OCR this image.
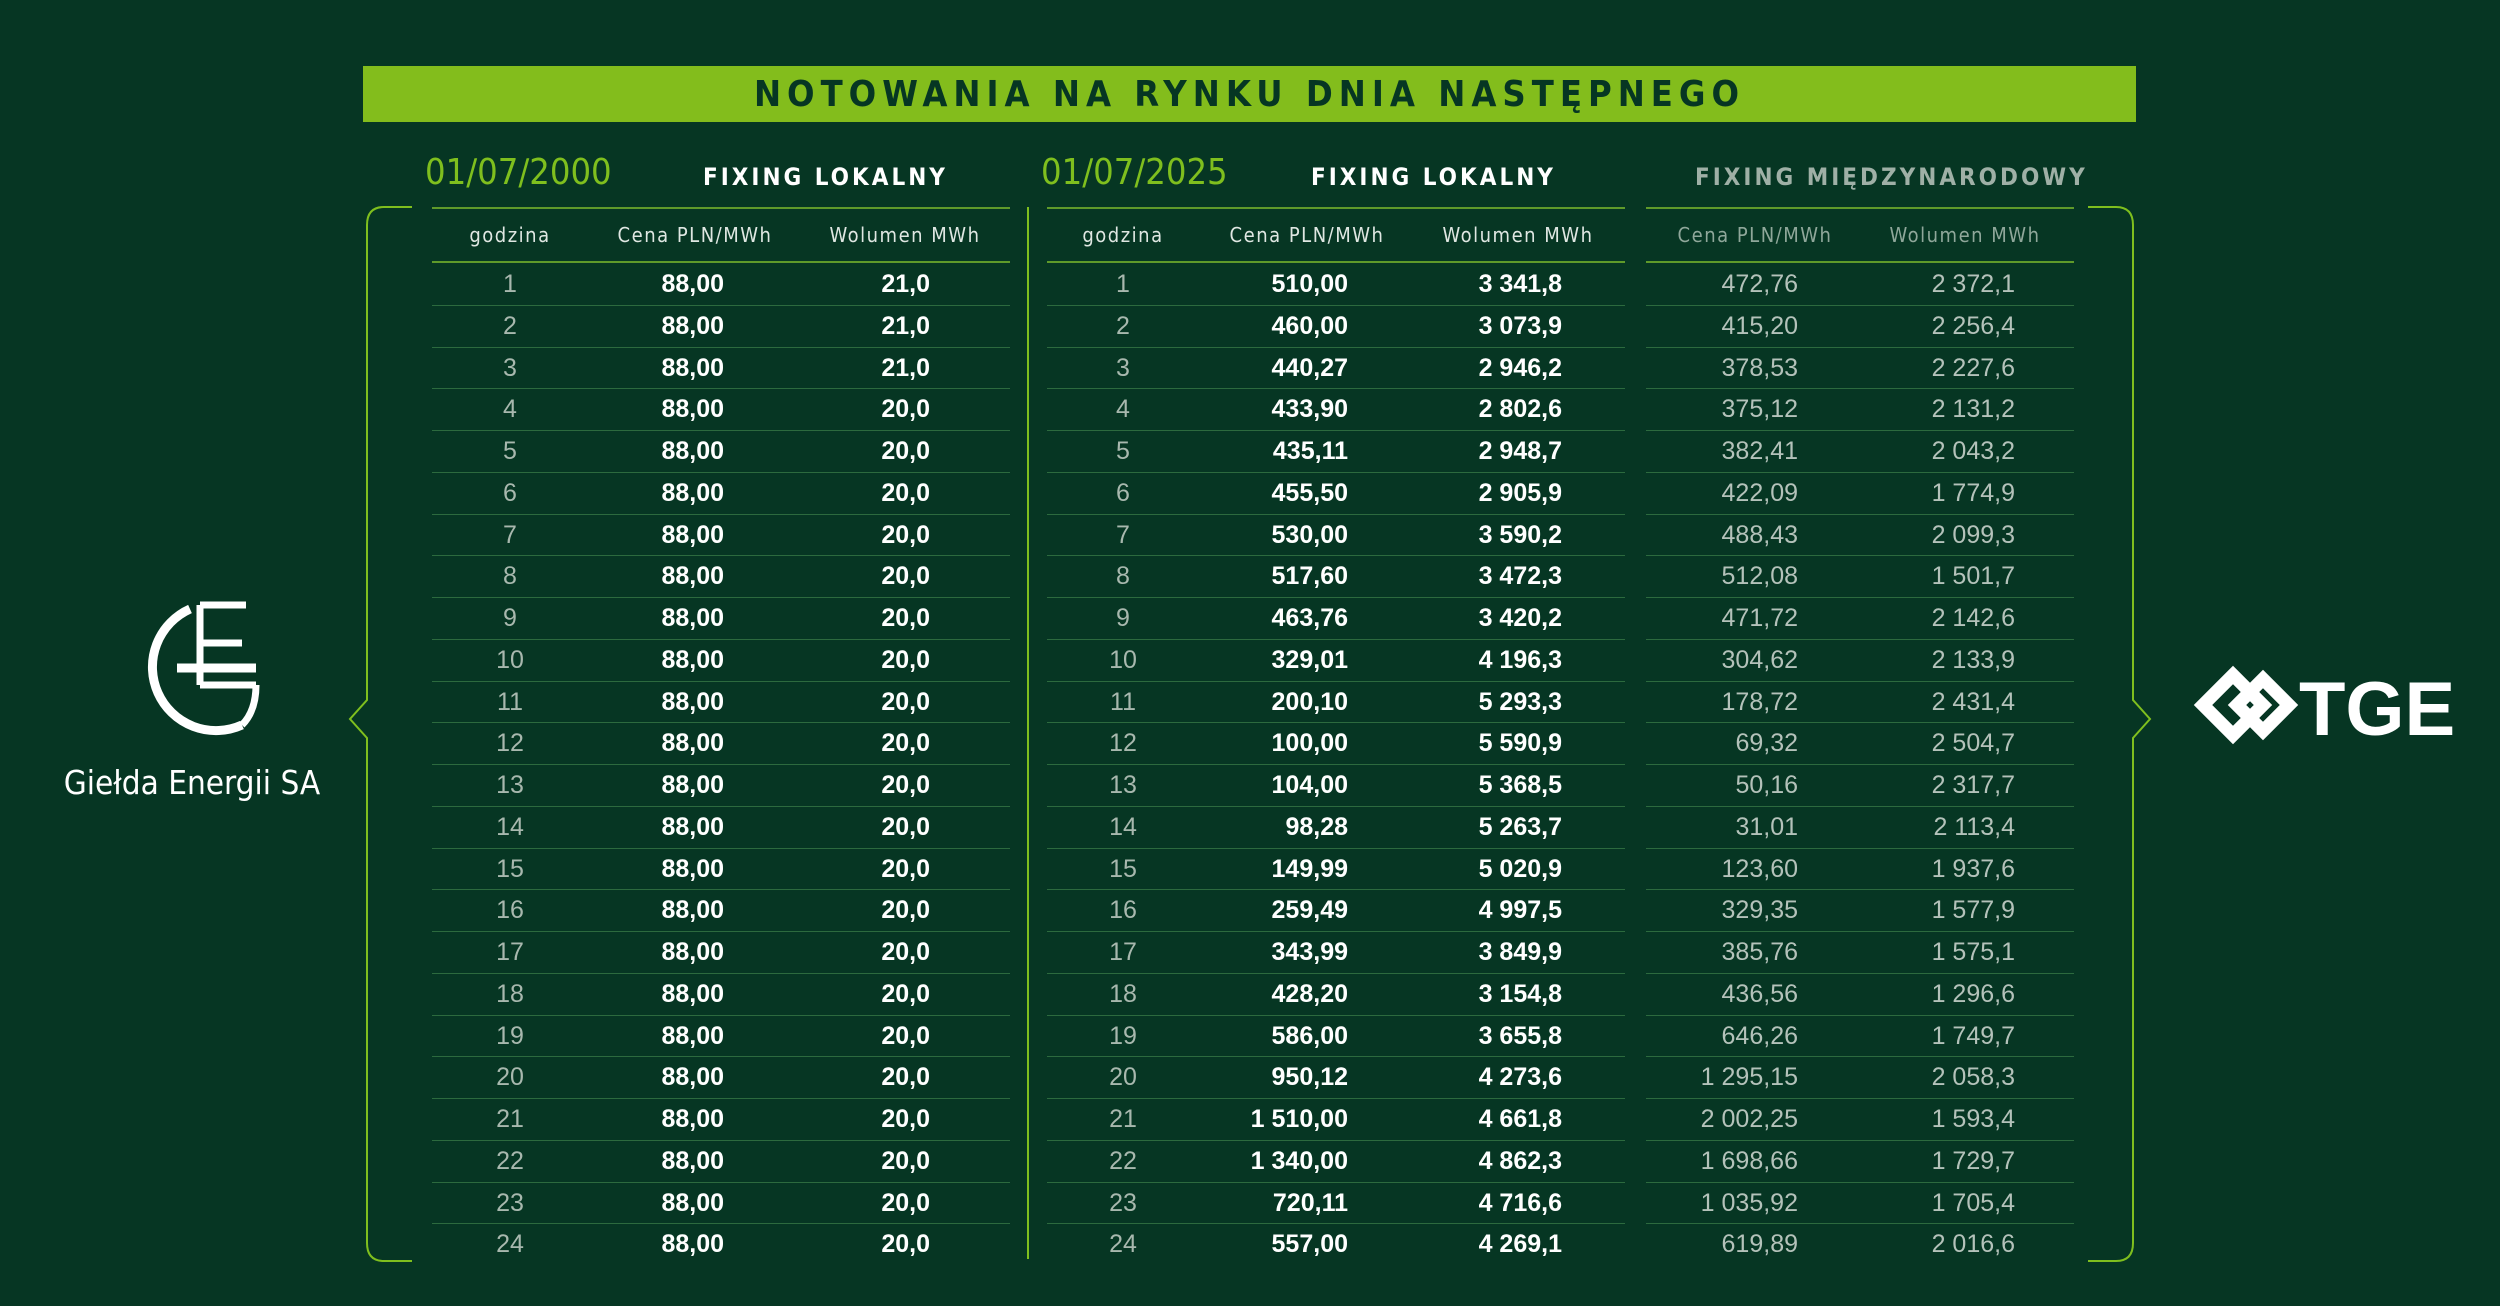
NOTOWANIA NA RYNKU DNIA NASTĘPNEGO
01/07/2000	FIXING LOKALNY	01/07/2025	FIXING LOKALNY	FIXING MIĘDZYNARODOWY
godzina	Cena PLN/MWh	Wolumen MWh	godzina	Cena PLN/MWh	Wolumen MWh	Cena PLN/MWh	Wolumen MWh
1	88,00	21,0
2	88,00	21,0
3	88,00	21,0
4	88,00	20,0
5	88,00	20,0
6	88,00	20,0
7	88,00	20,0
8	88,00	20,0
9	88,00	20,0
10	88,00	20,0
11	88,00	20,0
12	88,00	20,0
13	88,00	20,0
14	88,00	20,0
15	88,00	20,0
16	88,00	20,0
17	88,00	20,0
18	88,00	20,0
19	88,00	20,0
20	88,00	20,0
21	88,00	20,0
22	88,00	20,0
23	88,00	20,0
24	88,00	20,0
1	510,00	3 341,8	472,76	2 372,1
2	460,00	3 073,9	415,20	2 256,4
3	440,27	2 946,2	378,53	2 227,6
4	433,90	2 802,6	375,12	2 131,2
5	435,11	2 948,7	382,41	2 043,2
6	455,50	2 905,9	422,09	1 774,9
7	530,00	3 590,2	488,43	2 099,3
8	517,60	3 472,3	512,08	1 501,7
9	463,76	3 420,2	471,72	2 142,6
10	329,01	4 196,3	304,62	2 133,9
11	200,10	5 293,3	178,72	2 431,4
12	100,00	5 590,9	69,32	2 504,7
13	104,00	5 368,5	50,16	2 317,7
14	98,28	5 263,7	31,01	2 113,4
15	149,99	5 020,9	123,60	1 937,6
16	259,49	4 997,5	329,35	1 577,9
17	343,99	3 849,9	385,76	1 575,1
18	428,20	3 154,8	436,56	1 296,6
19	586,00	3 655,8	646,26	1 749,7
20	950,12	4 273,6	1 295,15	2 058,3
21	1 510,00	4 661,8	2 002,25	1 593,4
22	1 340,00	4 862,3	1 698,66	1 729,7
23	720,11	4 716,6	1 035,92	1 705,4
24	557,00	4 269,1	619,89	2 016,6
Giełda Energii SA
TGE
